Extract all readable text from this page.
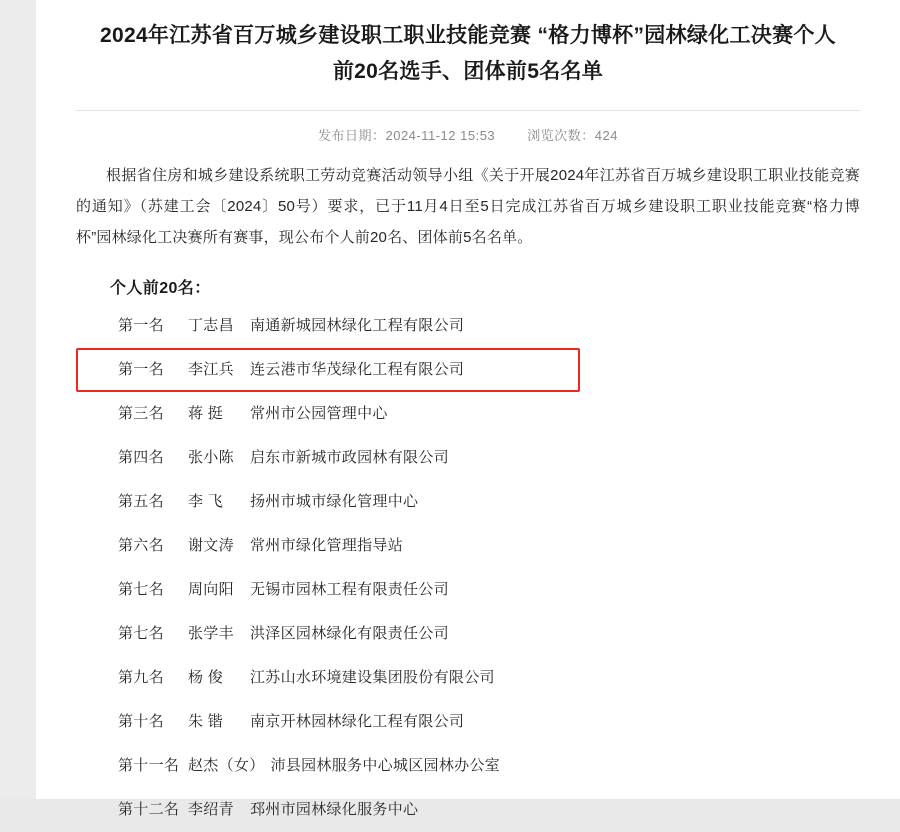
2024年江苏省百万城乡建设职工职业技能竞赛 “格力博杯”园林绿化工决赛个人前20名选手、团体前5名名单
发布日期：2024-11-12 15:53 浏览次数：424
根据省住房和城乡建设系统职工劳动竞赛活动领导小组《关于开展2024年江苏省百万城乡建设职工职业技能竞赛的通知》（苏建工会〔2024〕50号）要求，已于11月4日至5日完成江苏省百万城乡建设职工职业技能竞赛“格力博杯”园林绿化工决赛所有赛事，现公布个人前20名、团体前5名名单。
个人前20名：
第一名 丁志昌 南通新城园林绿化工程有限公司
第一名 李江兵 连云港市华茂绿化工程有限公司
第三名 蒋 挺 常州市公园管理中心
第四名 张小陈 启东市新城市政园林有限公司
第五名 李 飞 扬州市城市绿化管理中心
第六名 谢文涛 常州市绿化管理指导站
第七名 周向阳 无锡市园林工程有限责任公司
第七名 张学丰 洪泽区园林绿化有限责任公司
第九名 杨 俊 江苏山水环境建设集团股份有限公司
第十名 朱 锴 南京开林园林绿化工程有限公司
第十一名 赵杰（女） 沛县园林服务中心城区园林办公室
第十二名 李绍青 邳州市园林绿化服务中心
